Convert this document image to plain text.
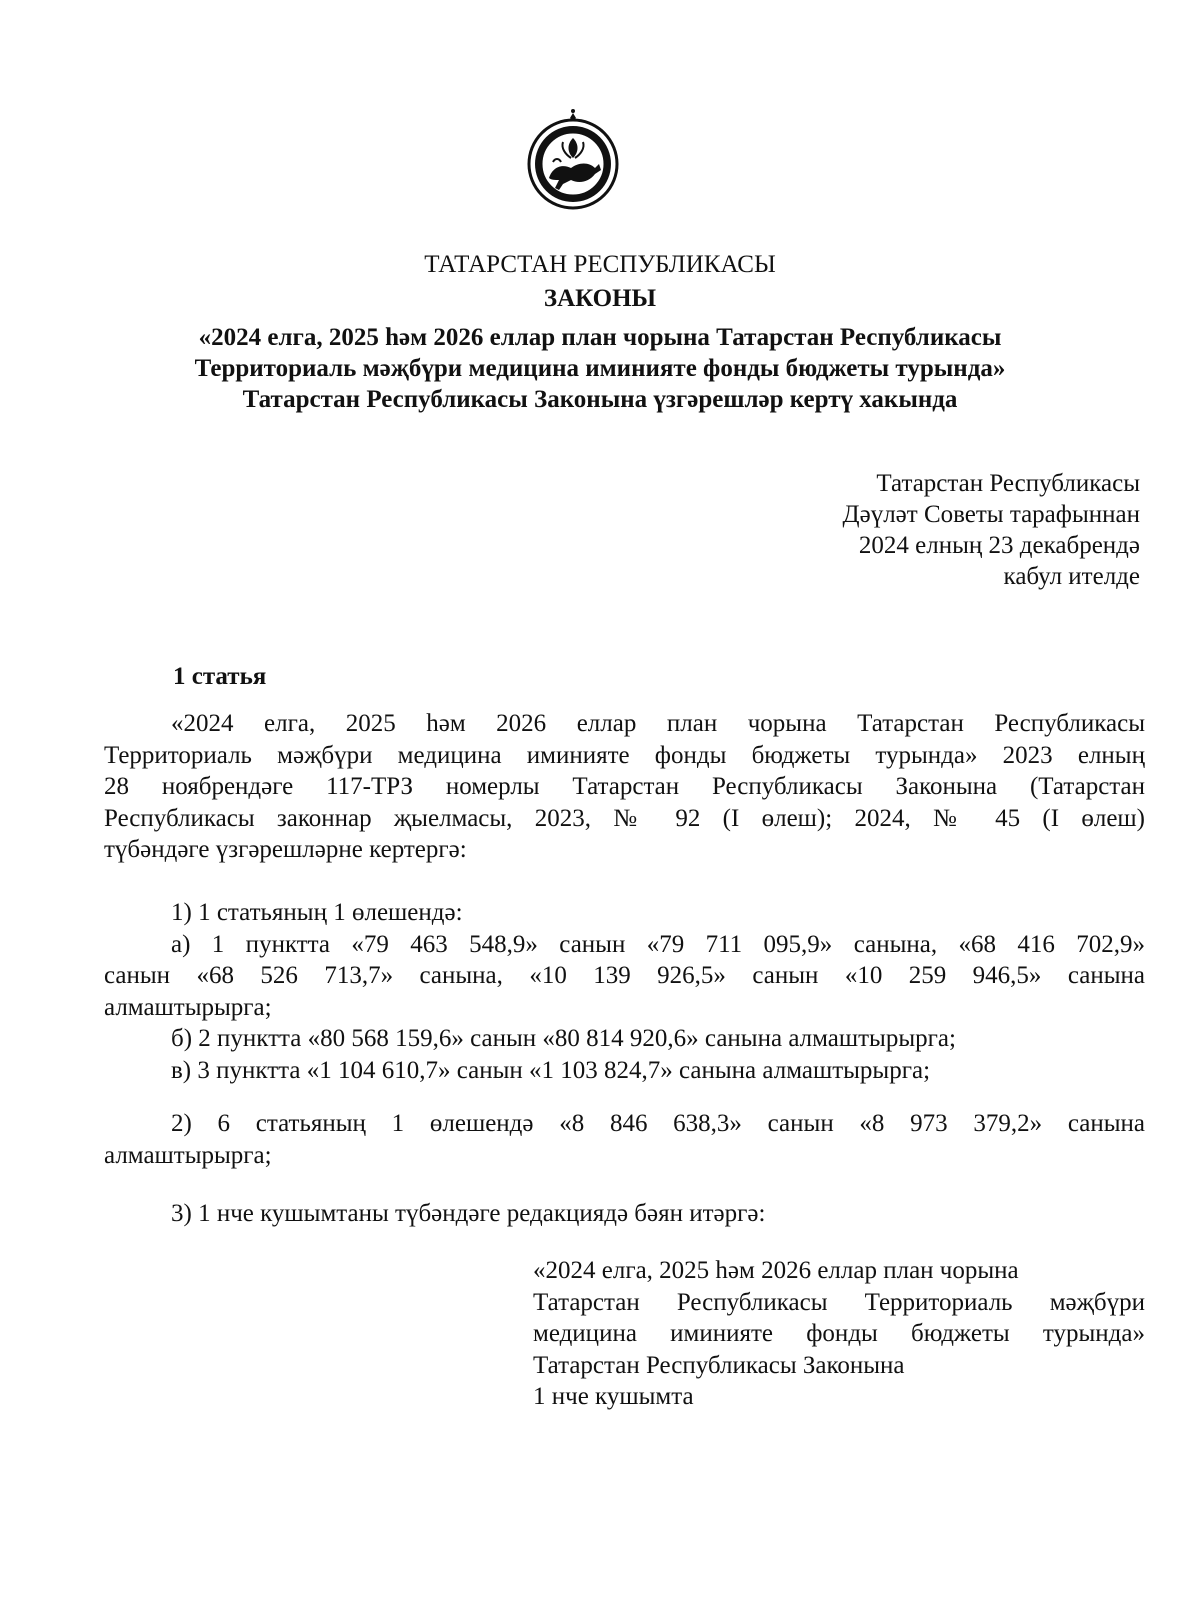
ТАТАРСТАН РЕСПУБЛИКАСЫ
ЗАКОНЫ
«2024 елга, 2025 һәм 2026 еллар план чорына Татарстан Республикасы
Территориаль мәҗбүри медицина иминияте фонды бюджеты турында»
Татарстан Республикасы Законына үзгәрешләр кертү хакында
Татарстан Республикасы
Дәүләт Советы тарафыннан
2024 елның 23 декабрендә
кабул ителде
1 статья
«2024 елга, 2025 һәм 2026 еллар план чорына Татарстан Республикасы
Территориаль мәҗбүри медицина иминияте фонды бюджеты турында» 2023 елның
28 ноябрендәге 117-ТРЗ номерлы Татарстан Республикасы Законына (Татарстан
Республикасы законнар җыелмасы, 2023, № 92 (I өлеш); 2024, № 45 (I өлеш)
түбәндәге үзгәрешләрне кертергә:
1) 1 статьяның 1 өлешендә:
а) 1 пунктта «79 463 548,9» санын «79 711 095,9» санына, «68 416 702,9»
санын «68 526 713,7» санына, «10 139 926,5» санын «10 259 946,5» санына
алмаштырырга;
б) 2 пунктта «80 568 159,6» санын «80 814 920,6» санына алмаштырырга;
в) 3 пунктта «1 104 610,7» санын «1 103 824,7» санына алмаштырырга;
2) 6 статьяның 1 өлешендә «8 846 638,3» санын «8 973 379,2» санына
алмаштырырга;
3) 1 нче кушымтаны түбәндәге редакциядә бәян итәргә:
«2024 елга, 2025 һәм 2026 еллар план чорына
Татарстан Республикасы Территориаль мәҗбүри
медицина иминияте фонды бюджеты турында»
Татарстан Республикасы Законына
1 нче кушымта
